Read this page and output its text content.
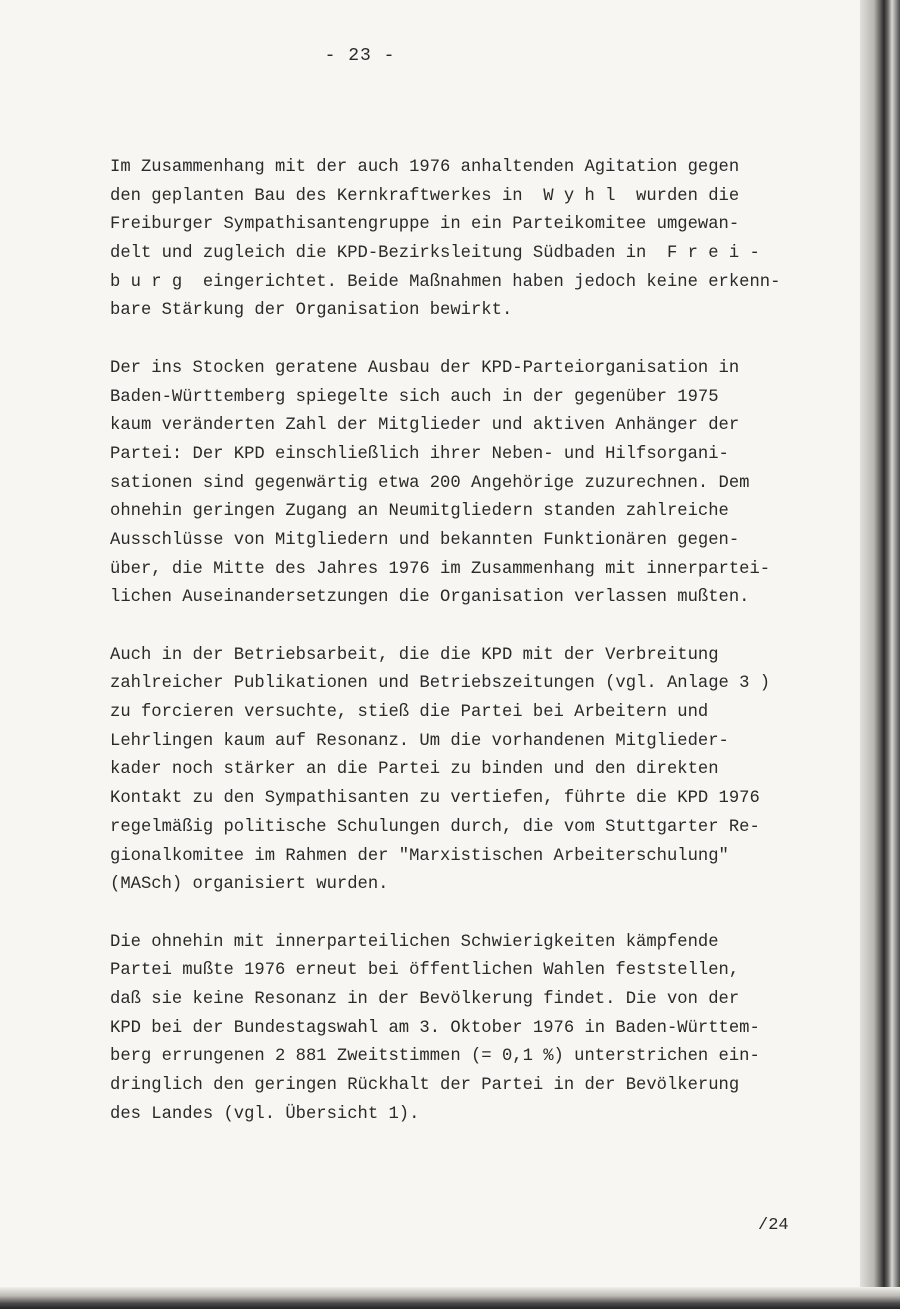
- 23 -
Im Zusammenhang mit der auch 1976 anhaltenden Agitation gegen
den geplanten Bau des Kernkraftwerkes in  W y h l  wurden die
Freiburger Sympathisantengruppe in ein Parteikomitee umgewan-
delt und zugleich die KPD-Bezirksleitung Südbaden in  F r e i -
b u r g  eingerichtet. Beide Maßnahmen haben jedoch keine erkenn-
bare Stärkung der Organisation bewirkt.
Der ins Stocken geratene Ausbau der KPD-Parteiorganisation in
Baden-Württemberg spiegelte sich auch in der gegenüber 1975
kaum veränderten Zahl der Mitglieder und aktiven Anhänger der
Partei: Der KPD einschließlich ihrer Neben- und Hilfsorgani-
sationen sind gegenwärtig etwa 200 Angehörige zuzurechnen. Dem
ohnehin geringen Zugang an Neumitgliedern standen zahlreiche
Ausschlüsse von Mitgliedern und bekannten Funktionären gegen-
über, die Mitte des Jahres 1976 im Zusammenhang mit innerpartei-
lichen Auseinandersetzungen die Organisation verlassen mußten.
Auch in der Betriebsarbeit, die die KPD mit der Verbreitung
zahlreicher Publikationen und Betriebszeitungen (vgl. Anlage 3 )
zu forcieren versuchte, stieß die Partei bei Arbeitern und
Lehrlingen kaum auf Resonanz. Um die vorhandenen Mitglieder-
kader noch stärker an die Partei zu binden und den direkten
Kontakt zu den Sympathisanten zu vertiefen, führte die KPD 1976
regelmäßig politische Schulungen durch, die vom Stuttgarter Re-
gionalkomitee im Rahmen der "Marxistischen Arbeiterschulung"
(MASch) organisiert wurden.
Die ohnehin mit innerparteilichen Schwierigkeiten kämpfende
Partei mußte 1976 erneut bei öffentlichen Wahlen feststellen,
daß sie keine Resonanz in der Bevölkerung findet. Die von der
KPD bei der Bundestagswahl am 3. Oktober 1976 in Baden-Württem-
berg errungenen 2 881 Zweitstimmen (= 0,1 %) unterstrichen ein-
dringlich den geringen Rückhalt der Partei in der Bevölkerung
des Landes (vgl. Übersicht 1).
/24
